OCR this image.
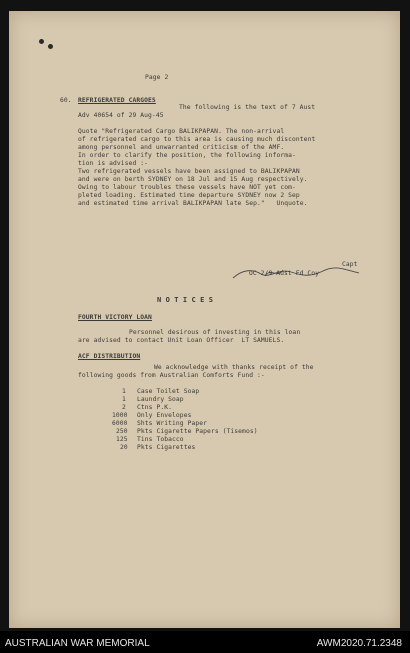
Page 2
60. REFRIGERATED CARGOES
The following is the text of 7 Aust
Adv 40654 of 29 Aug-45
Quote "Refrigerated Cargo BALIKPAPAN. The non-arrival
of refrigerated cargo to this area is causing much discontent
among personnel and unwarranted criticism of the AMF.
In order to clarify the position, the following informa-
tion is advised :-
Two refrigerated vessels have been assigned to BALIKPAPAN
and were on berth SYDNEY on 18 Jul and 15 Aug respectively.
Owing to labour troubles these vessels have NOT yet com-
pleted loading. Estimated time departure SYDNEY now 2 Sep
and estimated time arrival BALIKPAPAN late Sep."   Unquote.
Capt
OC 2/9 Aust Fd Coy
N O T I C E S
FOURTH VICTORY LOAN
Personnel desirous of investing in this loan
are advised to contact Unit Loan Officer  LT SAMUELS.
ACF DISTRIBUTION
We acknowledge with thanks receipt of the
following goods from Australian Comforts Fund :-
1 Case Toilet Soap
1 Laundry Soap
2 Ctns P.K.
1000 Only Envelopes
6000 Shts Writing Paper
250 Pkts Cigarette Papers (Tisemos)
125 Tins Tobacco
20 Pkts Cigarettes
AUSTRALIAN WAR MEMORIAL	AWM2020.71.2348
